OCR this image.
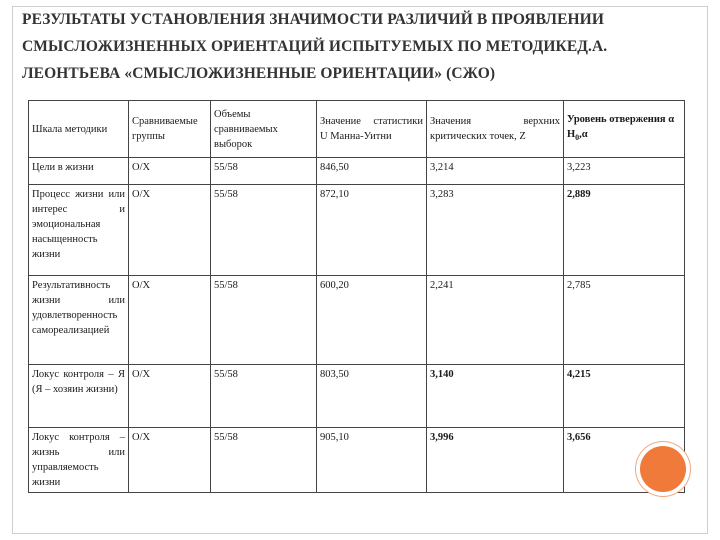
РЕЗУЛЬТАТЫ УСТАНОВЛЕНИЯ ЗНАЧИМОСТИ РАЗЛИЧИЙ В ПРОЯВЛЕНИИ СМЫСЛОЖИЗНЕННЫХ ОРИЕНТАЦИЙ ИСПЫТУЕМЫХ ПО МЕТОДИКЕД.А. ЛЕОНТЬЕВА «СМЫСЛОЖИЗНЕННЫЕ ОРИЕНТАЦИИ» (СЖО)
Шкала методики	Сравниваемые группы	Объемы сравниваемых выборок	Значение статистики U Манна-Уитни	Значения верхних критических точек, Z	Уровень отвержения α
$H_0,\alpha$
Цели в жизни	О/Х	55/58	846,50	3,214	3,223
Процесс жизни или интерес и эмоциональная насыщенность жизни	О/Х	55/58	872,10	3,283	2,889
Результативность жизни или удовлетворенность самореализацией	О/Х	55/58	600,20	2,241	2,785
Локус контроля – Я (Я – хозяин жизни)	О/Х	55/58	803,50	3,140	4,215
Локус контроля – жизнь или управляемость жизни	О/Х	55/58	905,10	3,996	3,656
